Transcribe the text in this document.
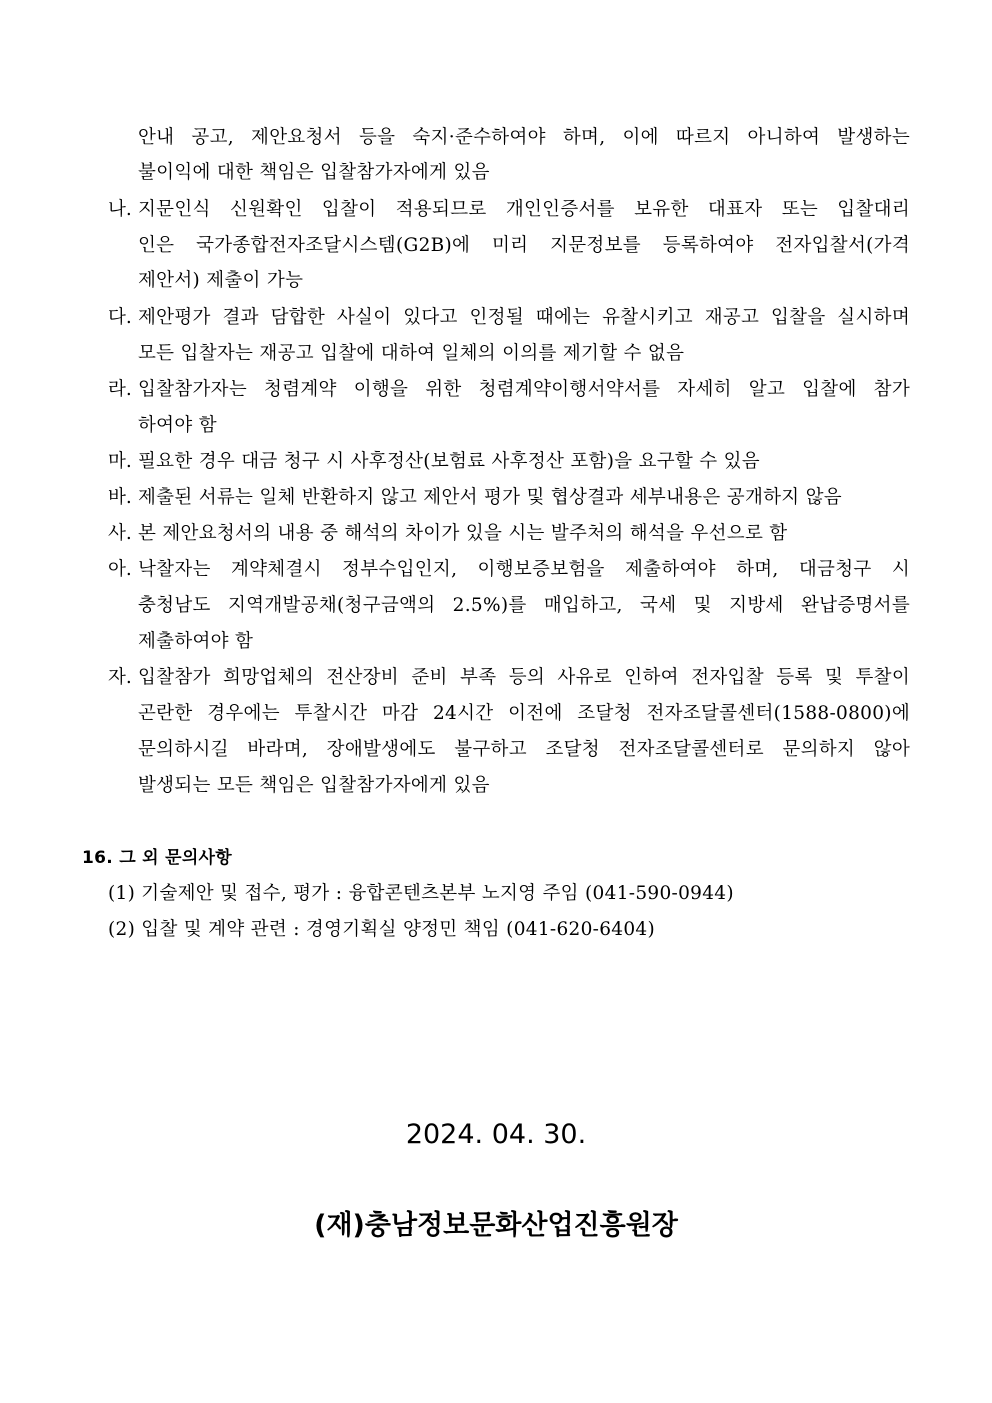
안내 공고, 제안요청서 등을 숙지·준수하여야 하며, 이에 따르지 아니하여 발생하는
불이익에 대한 책임은 입찰참가자에게 있음
나. 지문인식 신원확인 입찰이 적용되므로 개인인증서를 보유한 대표자 또는 입찰대리
인은 국가종합전자조달시스템(G2B)에 미리 지문정보를 등록하여야 전자입찰서(가격
제안서) 제출이 가능
다. 제안평가 결과 담합한 사실이 있다고 인정될 때에는 유찰시키고 재공고 입찰을 실시하며
모든 입찰자는 재공고 입찰에 대하여 일체의 이의를 제기할 수 없음
라. 입찰참가자는 청렴계약 이행을 위한 청렴계약이행서약서를 자세히 알고 입찰에 참가
하여야 함
마. 필요한 경우 대금 청구 시 사후정산(보험료 사후정산 포함)을 요구할 수 있음
바. 제출된 서류는 일체 반환하지 않고 제안서 평가 및 협상결과 세부내용은 공개하지 않음
사. 본 제안요청서의 내용 중 해석의 차이가 있을 시는 발주처의 해석을 우선으로 함
아. 낙찰자는 계약체결시 정부수입인지, 이행보증보험을 제출하여야 하며, 대금청구 시
충청남도 지역개발공채(청구금액의 2.5%)를 매입하고, 국세 및 지방세 완납증명서를
제출하여야 함
자. 입찰참가 희망업체의 전산장비 준비 부족 등의 사유로 인하여 전자입찰 등록 및 투찰이
곤란한 경우에는 투찰시간 마감 24시간 이전에 조달청 전자조달콜센터(1588-0800)에
문의하시길 바라며, 장애발생에도 불구하고 조달청 전자조달콜센터로 문의하지 않아
발생되는 모든 책임은 입찰참가자에게 있음
16. 그 외 문의사항
(1) 기술제안 및 접수, 평가 : 융합콘텐츠본부 노지영 주임 (041-590-0944)
(2) 입찰 및 계약 관련 : 경영기획실 양정민 책임 (041-620-6404)
2024. 04. 30.
(재)충남정보문화산업진흥원장
